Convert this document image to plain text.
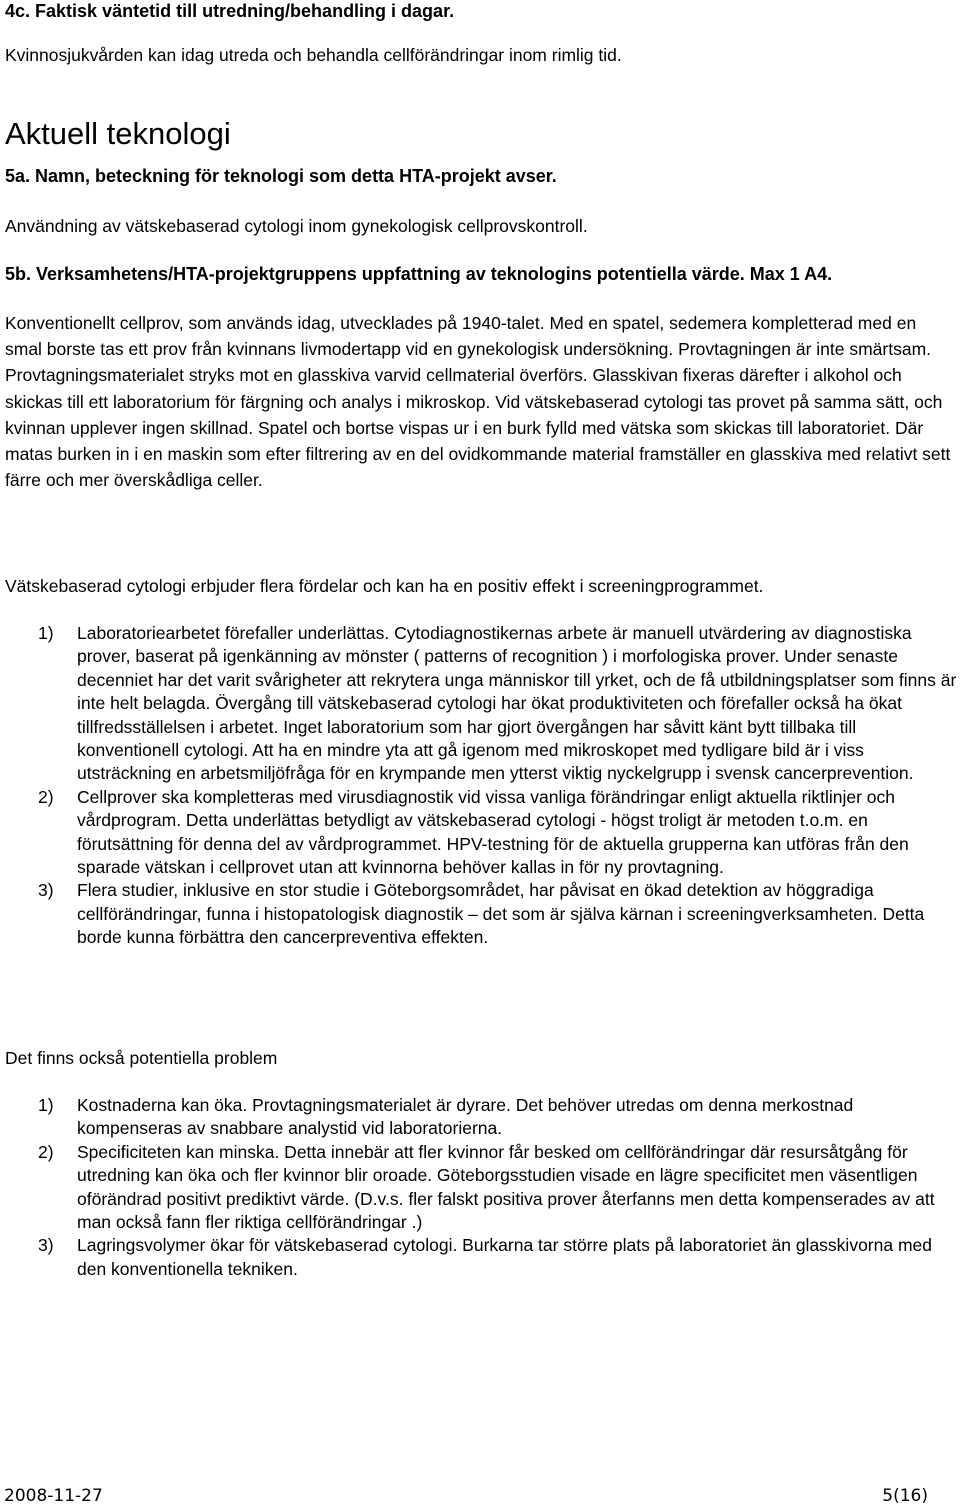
4c. Faktisk väntetid till utredning/behandling i dagar.

Kvinnosjukvården kan idag utreda och behandla cellförändringar inom rimlig tid.

Aktuell teknologi

5a. Namn, beteckning för teknologi som detta HTA-projekt avser.

Användning av vätskebaserad cytologi inom gynekologisk cellprovskontroll.

5b. Verksamhetens/HTA-projektgruppens uppfattning av teknologins potentiella värde. Max 1 A4.

Konventionellt cellprov, som används idag, utvecklades på 1940-talet. Med en spatel, sedemera kompletterad med en smal borste tas ett prov från kvinnans livmodertapp vid en gynekologisk undersökning. Provtagningen är inte smärtsam. Provtagningsmaterialet stryks mot en glasskiva varvid cellmaterial överförs. Glasskivan fixeras därefter i alkohol och skickas till ett laboratorium för färgning och analys i mikroskop. Vid vätskebaserad cytologi tas provet på samma sätt, och kvinnan upplever ingen skillnad. Spatel och bortse vispas ur i en burk fylld med vätska som skickas till laboratoriet. Där matas burken in i en maskin som efter filtrering av en del ovidkommande material framställer en glasskiva med relativt sett färre och mer överskådliga celler.

Vätskebaserad cytologi erbjuder flera fördelar och kan ha en positiv effekt i screeningprogrammet.

1) Laboratoriearbetet förefaller underlättas. Cytodiagnostikernas arbete är manuell utvärdering av diagnostiska prover, baserat på igenkänning av mönster ( patterns of recognition ) i morfologiska prover. Under senaste decenniet har det varit svårigheter att rekrytera unga människor till yrket, och de få utbildningsplatser som finns är inte helt belagda. Övergång till vätskebaserad cytologi har ökat produktiviteten och förefaller också ha ökat tillfredsställelsen i arbetet. Inget laboratorium som har gjort övergången har såvitt känt bytt tillbaka till konventionell cytologi. Att ha en mindre yta att gå igenom med mikroskopet med tydligare bild är i viss utsträckning en arbetsmiljöfråga för en krympande men ytterst viktig nyckelgrupp i svensk cancerprevention.
2) Cellprover ska kompletteras med virusdiagnostik vid vissa vanliga förändringar enligt aktuella riktlinjer och vårdprogram. Detta underlättas betydligt av vätskebaserad cytologi - högst troligt är metoden t.o.m. en förutsättning för denna del av vårdprogrammet. HPV-testning för de aktuella grupperna kan utföras från den sparade vätskan i cellprovet utan att kvinnorna behöver kallas in för ny provtagning.
3) Flera studier, inklusive en stor studie i Göteborgsområdet, har påvisat en ökad detektion av höggradiga cellförändringar, funna i histopatologisk diagnostik – det som är själva kärnan i screeningverksamheten. Detta borde kunna förbättra den cancerpreventiva effekten.

Det finns också potentiella problem

1) Kostnaderna kan öka. Provtagningsmaterialet är dyrare. Det behöver utredas om denna merkostnad kompenseras av snabbare analystid vid laboratorierna.
2) Specificiteten kan minska. Detta innebär att fler kvinnor får besked om cellförändringar där resursåtgång för utredning kan öka och fler kvinnor blir oroade. Göteborgsstudien visade en lägre specificitet men väsentligen oförändrad positivt prediktivt värde. (D.v.s. fler falskt positiva prover återfanns men detta kompenserades av att man också fann fler riktiga cellförändringar .)
3) Lagringsvolymer ökar för vätskebaserad cytologi. Burkarna tar större plats på laboratoriet än glasskivorna med den konventionella tekniken.
2008-11-27	5(16)
